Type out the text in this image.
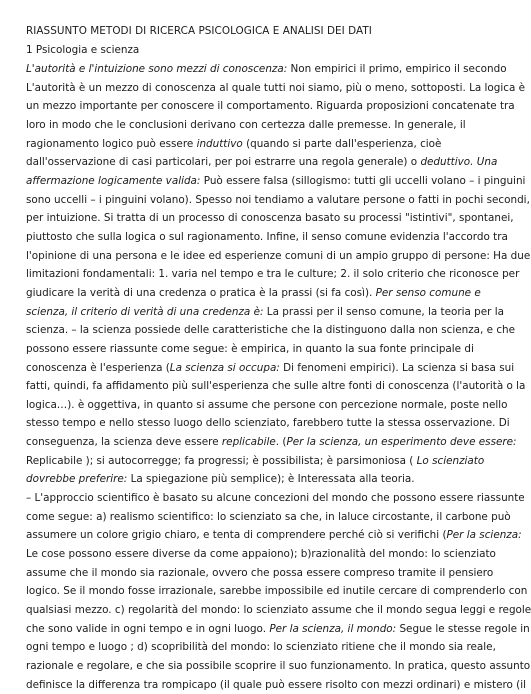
RIASSUNTO METODI DI RICERCA PSICOLOGICA E ANALISI DEI DATI

1 Psicologia e scienza

L'autorità e l'intuizione sono mezzi di conoscenza: Non empirici il primo, empirico il secondo
L'autorità è un mezzo di conoscenza al quale tutti noi siamo, più o meno, sottoposti. La logica è
un mezzo importante per conoscere il comportamento. Riguarda proposizioni concatenate tra
loro in modo che le conclusioni derivano con certezza dalle premesse. In generale, il
ragionamento logico può essere induttivo (quando si parte dall'esperienza, cioè
dall'osservazione di casi particolari, per poi estrarre una regola generale) o deduttivo. Una
affermazione logicamente valida: Può essere falsa (sillogismo: tutti gli uccelli volano – i pinguini
sono uccelli – i pinguini volano). Spesso noi tendiamo a valutare persone o fatti in pochi secondi,
per intuizione. Si tratta di un processo di conoscenza basato su processi "istintivi", spontanei,
piuttosto che sulla logica o sul ragionamento. Infine, il senso comune evidenzia l'accordo tra
l'opinione di una persona e le idee ed esperienze comuni di un ampio gruppo di persone: Ha due
limitazioni fondamentali: 1. varia nel tempo e tra le culture; 2. il solo criterio che riconosce per
giudicare la verità di una credenza o pratica è la prassi (si fa così). Per senso comune e
scienza, il criterio di verità di una credenza è: La prassi per il senso comune, la teoria per la
scienza. – la scienza possiede delle caratteristiche che la distinguono dalla non scienza, e che
possono essere riassunte come segue: è empirica, in quanto la sua fonte principale di
conoscenza è l'esperienza (La scienza si occupa: Di fenomeni empirici). La scienza si basa sui
fatti, quindi, fa affidamento più sull'esperienza che sulle altre fonti di conoscenza (l'autorità o la
logica…). è oggettiva, in quanto si assume che persone con percezione normale, poste nello
stesso tempo e nello stesso luogo dello scienziato, farebbero tutte la stessa osservazione. Di
conseguenza, la scienza deve essere replicabile. (Per la scienza, un esperimento deve essere:
Replicabile ); si autocorregge; fa progressi; è possibilista; è parsimoniosa ( Lo scienziato
dovrebbe preferire: La spiegazione più semplice); è Interessata alla teoria.
– L'approccio scientifico è basato su alcune concezioni del mondo che possono essere riassunte
come segue: a) realismo scientifico: lo scienziato sa che, in laluce circostante, il carbone può
assumere un colore grigio chiaro, e tenta di comprendere perché ciò si verifichi (Per la scienza:
Le cose possono essere diverse da come appaiono); b)razionalità del mondo: lo scienziato
assume che il mondo sia razionale, ovvero che possa essere compreso tramite il pensiero
logico. Se il mondo fosse irrazionale, sarebbe impossibile ed inutile cercare di comprenderlo con
qualsiasi mezzo. c) regolarità del mondo: lo scienziato assume che il mondo segua leggi e regole
che sono valide in ogni tempo e in ogni luogo. Per la scienza, il mondo: Segue le stesse regole in
ogni tempo e luogo ; d) scopribilità del mondo: lo scienziato ritiene che il mondo sia reale,
razionale e regolare, e che sia possibile scoprire il suo funzionamento. In pratica, questo assunto
definisce la differenza tra rompicapo (il quale può essere risolto con mezzi ordinari) e mistero (il
